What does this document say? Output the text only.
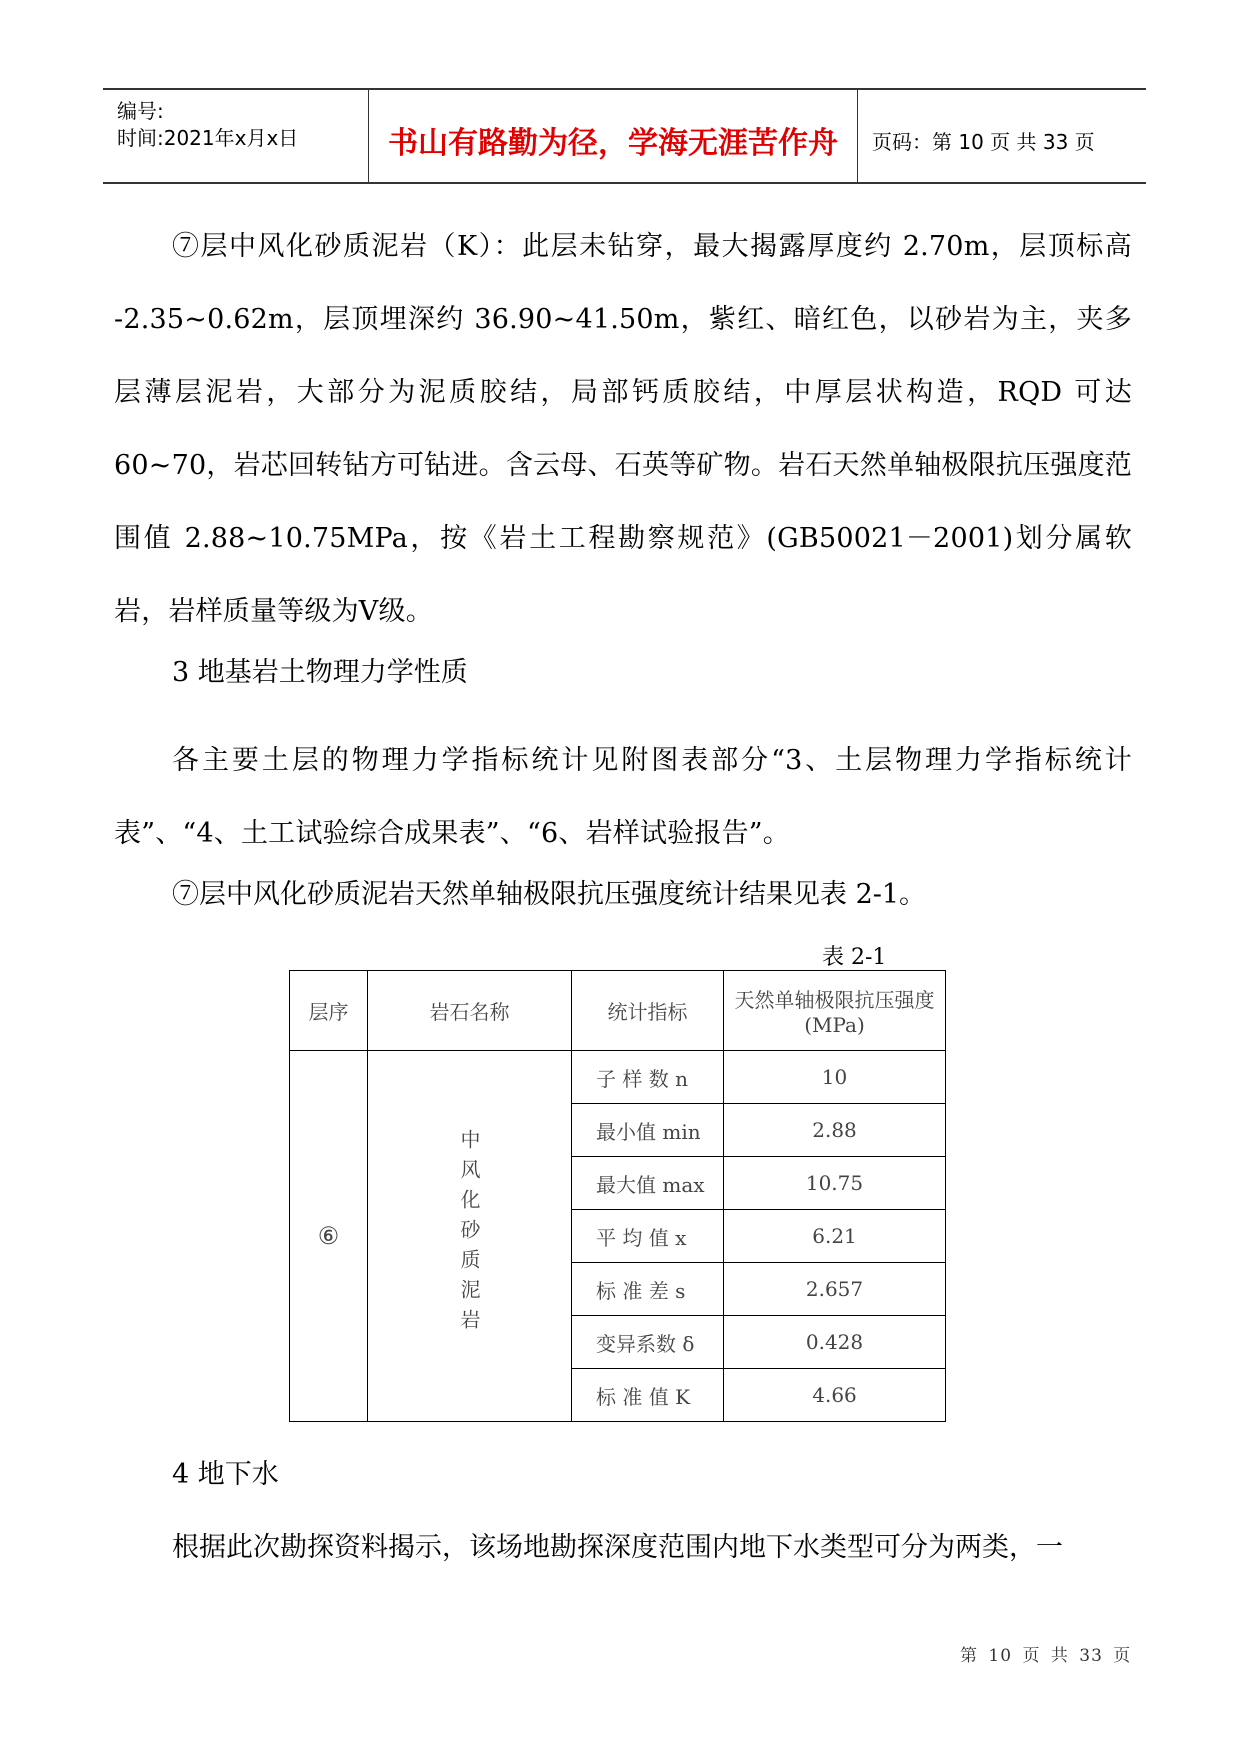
编号:
时间:2021年x月x日	书山有路勤为径，学海无涯苦作舟	页码：第 10 页 共 33 页
⑦层中风化砂质泥岩（K）：此层未钻穿，最大揭露厚度约 2.70m，层顶标高 -2.35~0.62m，层顶埋深约 36.90~41.50m，紫红、暗红色，以砂岩为主，夹多层薄层泥岩，大部分为泥质胶结，局部钙质胶结，中厚层状构造，RQD 可达 60~70，岩芯回转钻方可钻进。含云母、石英等矿物。岩石天然单轴极限抗压强度范围值 2.88~10.75MPa，按《岩土工程勘察规范》(GB50021－2001)划分属软岩，岩样质量等级为Ⅴ级。
3 地基岩土物理力学性质
各主要土层的物理力学指标统计见附图表部分“3、土层物理力学指标统计表”、“4、土工试验综合成果表”、“6、岩样试验报告”。
⑦层中风化砂质泥岩天然单轴极限抗压强度统计结果见表 2-1。
表 2-1
层序	岩石名称	统计指标	天然单轴极限抗压强度(MPa)
⑥	中风化砂质泥岩	子 样 数 n	10
		最小值 min	2.88
		最大值 max	10.75
		平 均 值 x	6.21
		标 准 差 s	2.657
		变异系数 δ	0.428
		标 准 值 K	4.66
4 地下水
根据此次勘探资料揭示，该场地勘探深度范围内地下水类型可分为两类，一
第 10 页 共 33 页
